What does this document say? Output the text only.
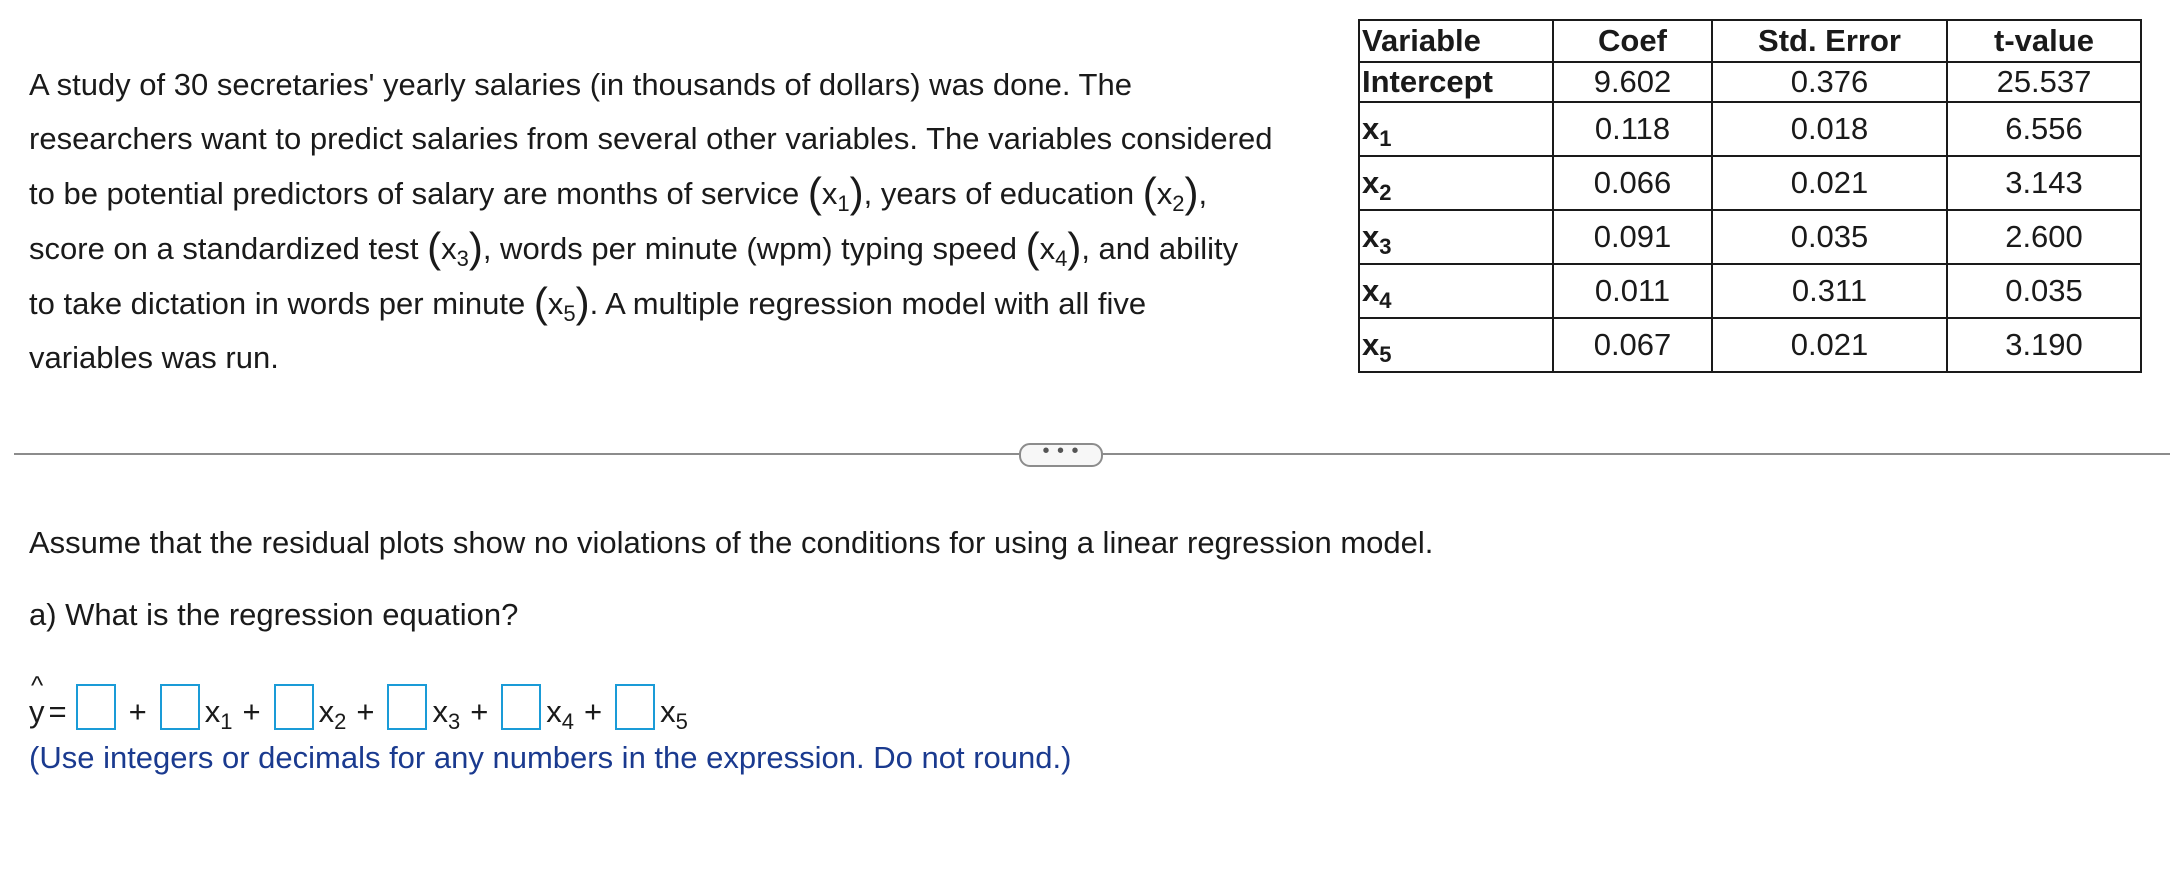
A study of 30 secretaries' yearly salaries (in thousands of dollars) was done. The
researchers want to predict salaries from several other variables. The variables considered
to be potential predictors of salary are months of service $(x_1)$, years of education $(x_2)$,
score on a standardized test $(x_3)$, words per minute (wpm) typing speed $(x_4)$, and ability
to take dictation in words per minute $(x_5)$. A multiple regression model with all five
variables was run.
Variable	Coef	Std. Error	t-value
Intercept	9.602	0.376	25.537
$x_1$	0.118	0.018	6.556
$x_2$	0.066	0.021	3.143
$x_3$	0.091	0.035	2.600
$x_4$	0.011	0.311	0.035
$x_5$	0.067	0.021	3.190
• • •
Assume that the residual plots show no violations of the conditions for using a linear regression model.
a) What is the regression equation?
^
y = + $x_1 + x_2 + x_3 + x_4 + x_5$
(Use integers or decimals for any numbers in the expression. Do not round.)
